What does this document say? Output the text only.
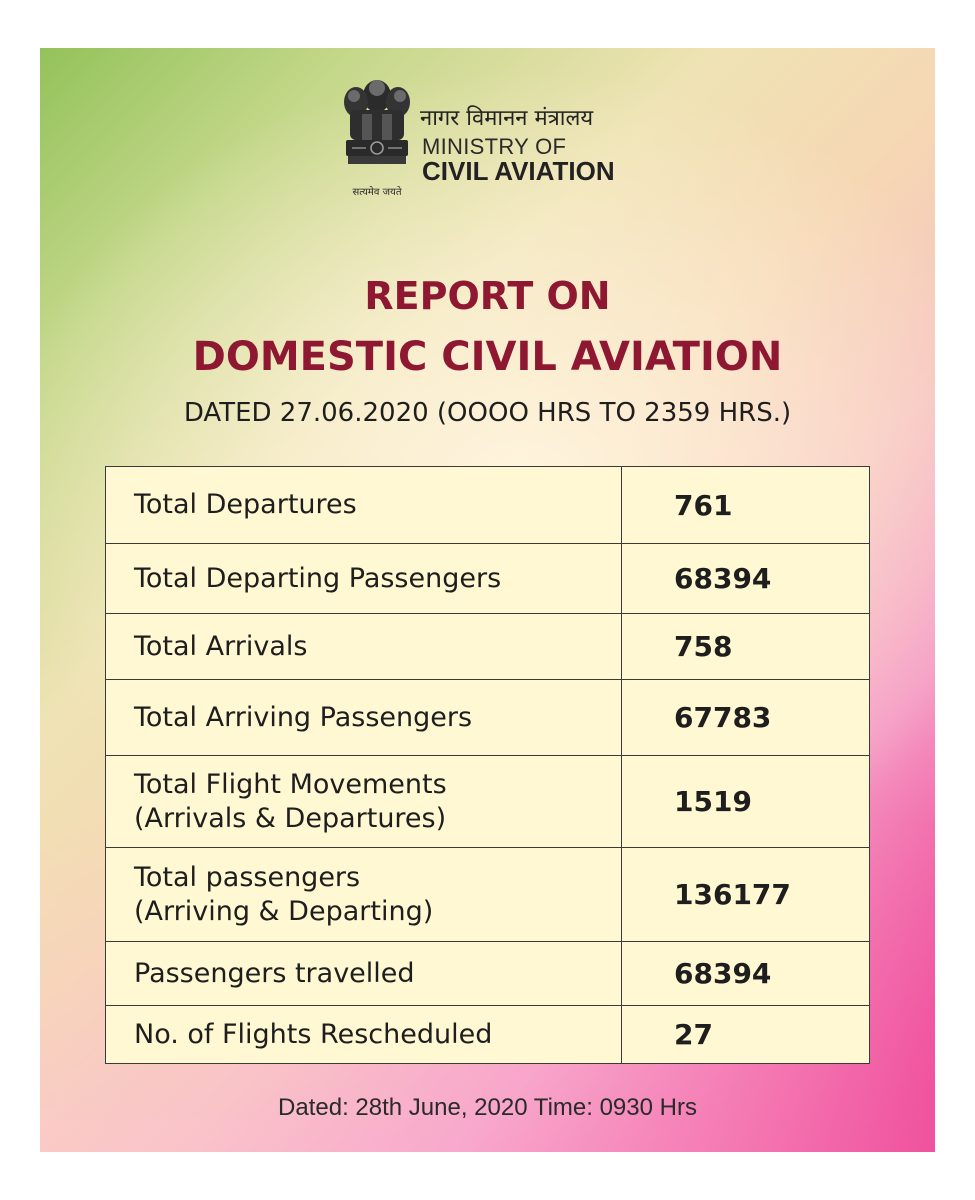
सत्यमेव जयते
नागर विमानन मंत्रालय
MINISTRY OF
CIVIL AVIATION
REPORT ON
DOMESTIC CIVIL AVIATION
DATED 27.06.2020 (OOOO HRS TO 2359 HRS.)
Total Departures	761
Total Departing Passengers	68394
Total Arrivals	758
Total Arriving Passengers	67783
Total Flight Movements
(Arrivals & Departures)	1519
Total passengers
(Arriving & Departing)	136177
Passengers travelled	68394
No. of Flights Rescheduled	27
Dated: 28th June, 2020 Time: 0930 Hrs
